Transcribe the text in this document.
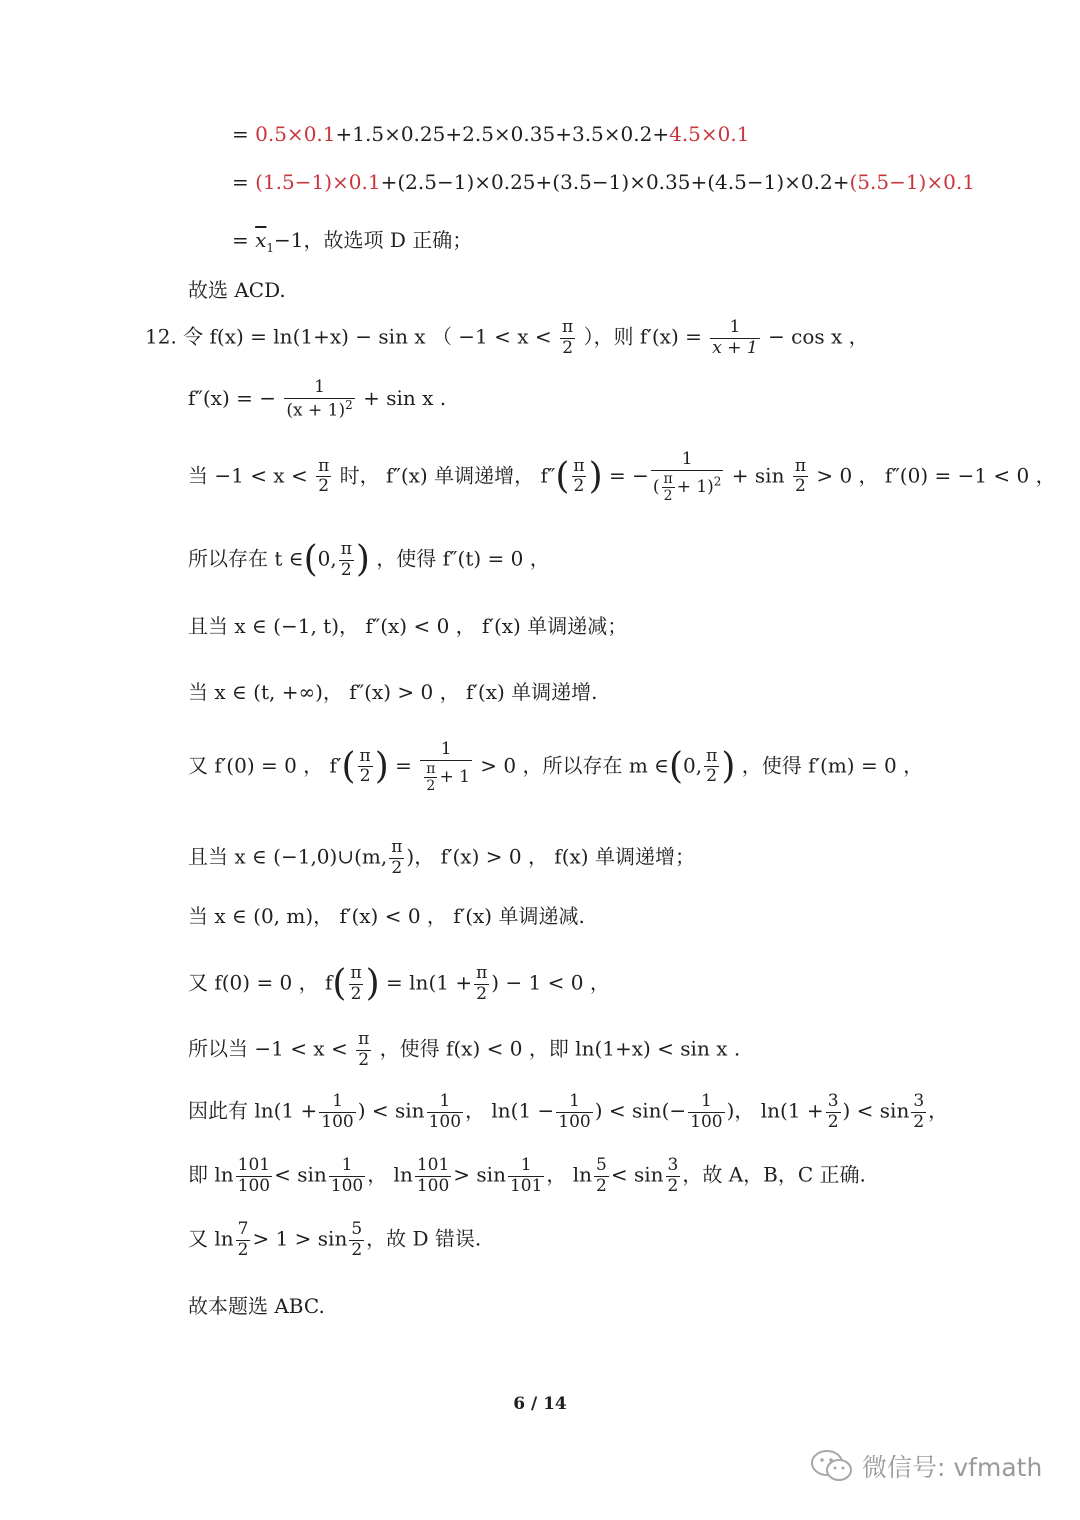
= 0.5×0.1+1.5×0.25+2.5×0.35+3.5×0.2+4.5×0.1
= (1.5−1)×0.1+(2.5−1)×0.25+(3.5−1)×0.35+(4.5−1)×0.2+(5.5−1)×0.1
= $\overline{x}_1-1$，故选项 D 正确；
故选 ACD.
12. 令 f(x) = ln(1+x) − sin x （ $-1 < x < \frac{\pi}{2}$ ），则 $f'(x) = \frac{1}{x + 1} - \cos x$ ，
f″(x) = − $\frac{1}{(x + 1)^2} + \sin x$ .
当 $-1 < x < \frac{\pi}{2}$ 时， f″(x) 单调递增， $f''( \frac{\pi}{2}$ ) = − $\frac{1}{( \frac{\pi}{2} + 1)^2} + \sin \frac{\pi}{2} > 0$ ， f″(0) = −1 < 0 ，
所以存在 t ∈(0, $\frac{\pi}{2}$ ) ，使得 f″(t) = 0 ，
且当 x ∈ (−1, t)， f″(x) < 0 ， f′(x) 单调递减；
当 x ∈ (t, +∞)， f″(x) > 0 ， f′(x) 单调递增.
又 f′(0) = 0 ， $f'( \frac{\pi}{2}$ ) = $\frac{1}{\frac{\pi}{2} + 1} > 0$ ，所以存在 m ∈(0, $\frac{\pi}{2}$ ) ，使得 f′(m) = 0 ，
且当 x ∈ (−1,0)∪(m, $\frac{\pi}{2}$ )， f′(x) > 0 ， f(x) 单调递增；
当 x ∈ (0, m)， f′(x) < 0 ， f′(x) 单调递减.
又 f(0) = 0 ， $f( \frac{\pi}{2}$ ) = $\ln(1 + \frac{\pi}{2}$ ) − 1 < 0 ，
所以当 $-1 < x < \frac{\pi}{2}$ ，使得 f(x) < 0 ，即 ln(1+x) < sin x .
因此有 $\ln(1 + \frac{1}{100}$ ) < $\sin \frac{1}{100}$ ， $\ln(1 - \frac{1}{100}$ ) < $\sin(- \frac{1}{100}$ )， $\ln(1 + \frac{3}{2}$ ) < $\sin \frac{3}{2}$ ，
即 $\ln \frac{101}{100} < \sin \frac{1}{100}$ ， $\ln \frac{101}{100} > \sin \frac{1}{101}$ ， $\ln \frac{5}{2} < \sin \frac{3}{2}$ ，故 A，B，C 正确.
又 $\ln \frac{7}{2} > 1 > \sin \frac{5}{2}$ ，故 D 错误.
故本题选 ABC.
6 / 14
微信号: vfmath
